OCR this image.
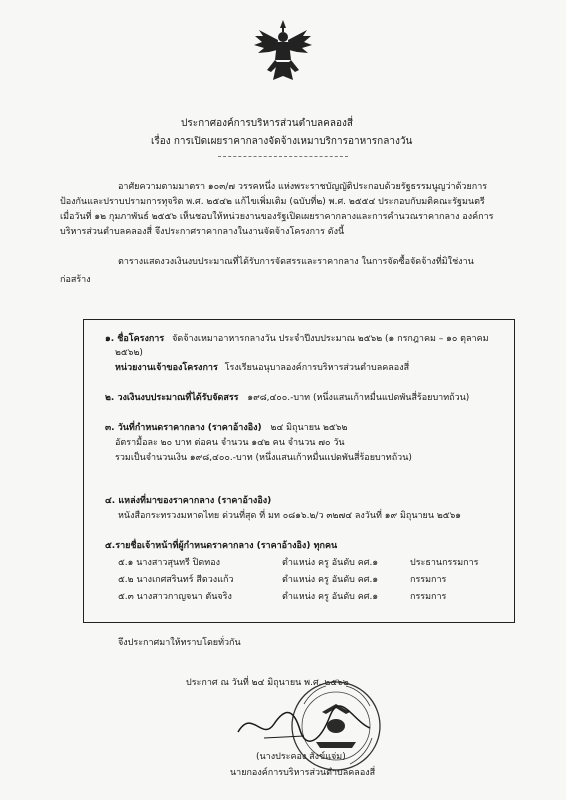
ประกาศองค์การบริหารส่วนตำบลคลองสี่
เรื่อง การเปิดเผยราคากลางจัดจ้างเหมาบริการอาหารกลางวัน
อาศัยความตามมาตรา ๑๐๓/๗ วรรคหนึ่ง แห่งพระราชบัญญัติประกอบด้วยรัฐธรรมนูญว่าด้วยการ
ป้องกันและปราบปรามการทุจริต พ.ศ. ๒๕๔๒ แก้ไขเพิ่มเติม (ฉบับที่๒) พ.ศ. ๒๕๕๔ ประกอบกับมติคณะรัฐมนตรี
เมื่อวันที่ ๑๒ กุมภาพันธ์ ๒๕๕๖ เห็นชอบให้หน่วยงานของรัฐเปิดเผยราคากลางและการคำนวณราคากลาง องค์การ
บริหารส่วนตำบลคลองสี่ จึงประกาศราคากลางในงานจัดจ้างโครงการ ดังนี้
ตารางแสดงวงเงินงบประมาณที่ได้รับการจัดสรรและราคากลาง ในการจัดซื้อจัดจ้างที่มิใช่งาน
ก่อสร้าง
๑. ชื่อโครงการ จัดจ้างเหมาอาหารกลางวัน ประจำปีงบประมาณ ๒๕๖๒ (๑ กรกฎาคม – ๑๐ ตุลาคม
๒๕๖๒)
หน่วยงานเจ้าของโครงการ โรงเรียนอนุบาลองค์การบริหารส่วนตำบลคลองสี่
๒. วงเงินงบประมาณที่ได้รับจัดสรร ๑๙๘,๔๐๐.-บาท (หนึ่งแสนเก้าหมื่นแปดพันสี่ร้อยบาทถ้วน)
๓. วันที่กำหนดราคากลาง (ราคาอ้างอิง) ๒๔ มิถุนายน ๒๕๖๒
อัตรามื้อละ ๒๐ บาท ต่อคน จำนวน ๑๔๒ คน จำนวน ๗๐ วัน
รวมเป็นจำนวนเงิน ๑๙๘,๔๐๐.-บาท (หนึ่งแสนเก้าหมื่นแปดพันสี่ร้อยบาทถ้วน)
๔. แหล่งที่มาของราคากลาง (ราคาอ้างอิง)
หนังสือกระทรวงมหาดไทย ด่วนที่สุด ที่ มท ๐๘๑๖.๒/ว ๓๒๗๔ ลงวันที่ ๑๙ มิถุนายน ๒๕๖๑
๕.รายชื่อเจ้าหน้าที่ผู้กำหนดราคากลาง (ราคาอ้างอิง) ทุกคน
๕.๑ นางสาวสุนทรี ปิดทอง	ตำแหน่ง ครู อันดับ คศ.๑	ประธานกรรมการ
๕.๒ นางเกศสรินทร์ สีดวงแก้ว	ตำแหน่ง ครู อันดับ คศ.๑	กรรมการ
๕.๓ นางสาวกาญจนา ตันจริง	ตำแหน่ง ครู อันดับ คศ.๑	กรรมการ
จึงประกาศมาให้ทราบโดยทั่วกัน
ประกาศ ณ วันที่ ๒๔ มิถุนายน พ.ศ. ๒๕๖๒
(นางประคอง สังข์แจ่ม)
นายกองค์การบริหารส่วนตำบลคลองสี่
